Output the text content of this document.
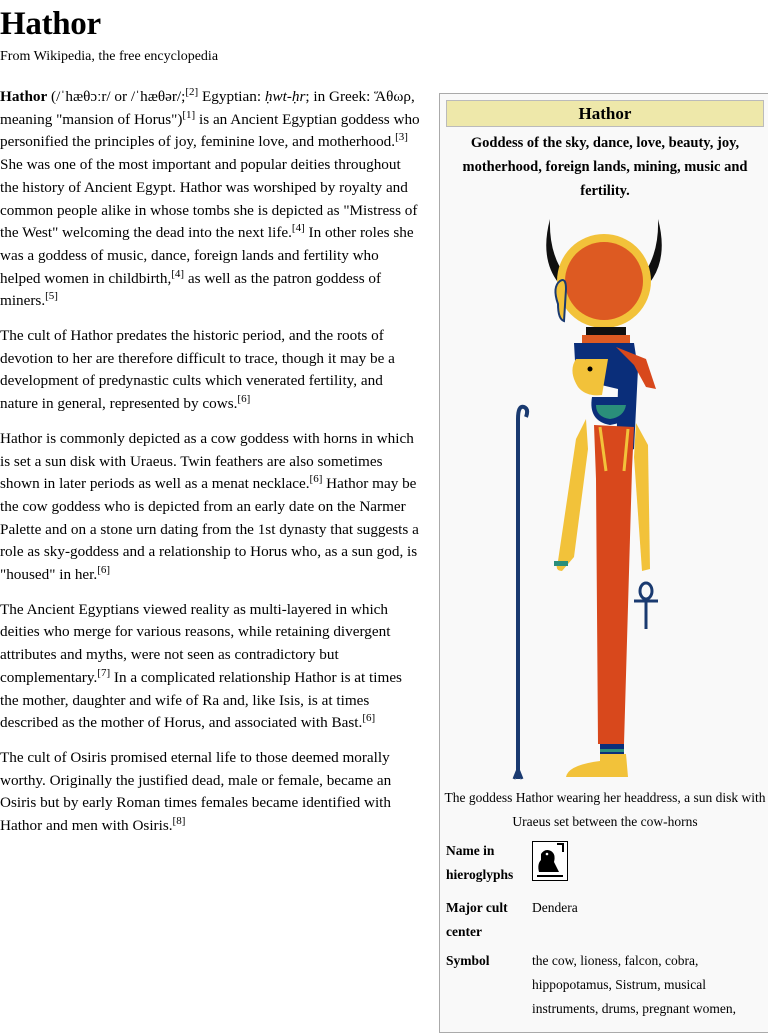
Hathor
From Wikipedia, the free encyclopedia

Hathor (/ˈhæθɔːr/ or /ˈhæθər/;[2] Egyptian: ḥwt-ḥr; in Greek: Ἅθωρ, meaning "mansion of Horus")[1] is an Ancient Egyptian goddess who personified the principles of joy, feminine love, and motherhood.[3] She was one of the most important and popular deities throughout the history of Ancient Egypt. Hathor was worshiped by royalty and common people alike in whose tombs she is depicted as "Mistress of the West" welcoming the dead into the next life.[4] In other roles she was a goddess of music, dance, foreign lands and fertility who helped women in childbirth,[4] as well as the patron goddess of miners.[5]

The cult of Hathor predates the historic period, and the roots of devotion to her are therefore difficult to trace, though it may be a development of predynastic cults which venerated fertility, and nature in general, represented by cows.[6]

Hathor is commonly depicted as a cow goddess with horns in which is set a sun disk with Uraeus. Twin feathers are also sometimes shown in later periods as well as a menat necklace.[6] Hathor may be the cow goddess who is depicted from an early date on the Narmer Palette and on a stone urn dating from the 1st dynasty that suggests a role as sky-goddess and a relationship to Horus who, as a sun god, is "housed" in her.[6]

The Ancient Egyptians viewed reality as multi-layered in which deities who merge for various reasons, while retaining divergent attributes and myths, were not seen as contradictory but complementary.[7] In a complicated relationship Hathor is at times the mother, daughter and wife of Ra and, like Isis, is at times described as the mother of Horus, and associated with Bast.[6]

The cult of Osiris promised eternal life to those deemed morally worthy. Originally the justified dead, male or female, became an Osiris but by early Roman times females became identified with Hathor and men with Osiris.[8]

Hathor
Goddess of the sky, dance, love, beauty, joy, motherhood, foreign lands, mining, music and fertility.
The goddess Hathor wearing her headdress, a sun disk with Uraeus set between the cow-horns
Name in hieroglyphs
Major cult center
Dendera
Symbol	the cow, lioness, falcon, cobra, hippopotamus, Sistrum, musical instruments, drums, pregnant women,
